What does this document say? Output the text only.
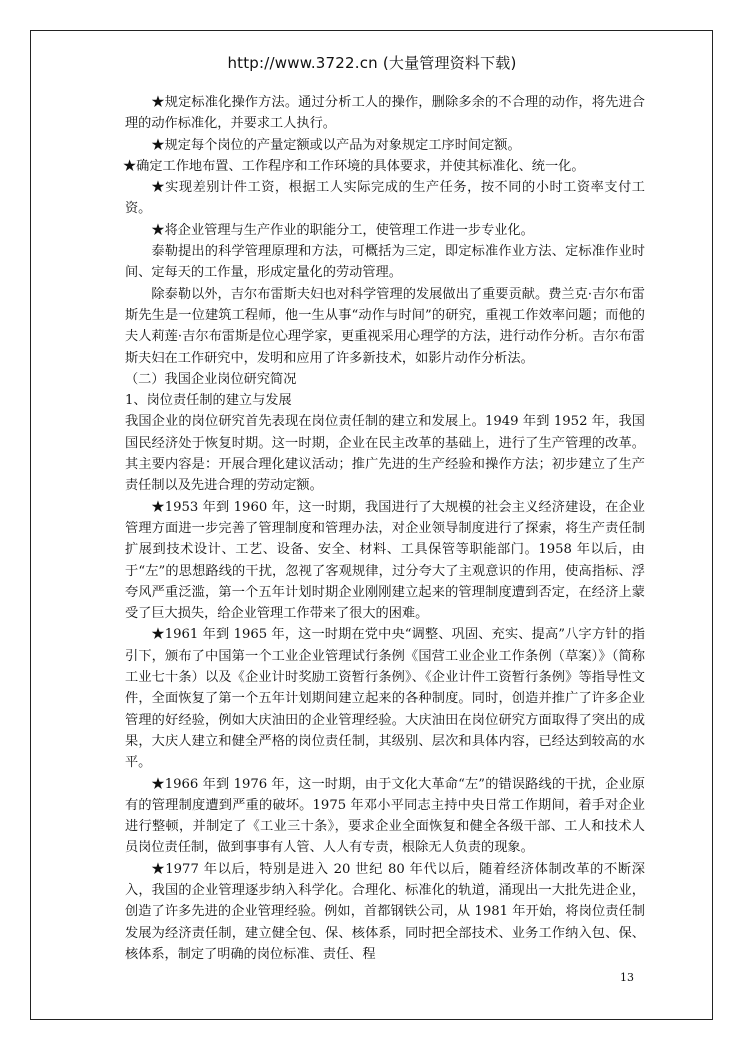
http://www.3722.cn (大量管理资料下载)

★规定标准化操作方法。通过分析工人的操作，删除多余的不合理的动作，将先进合理的动作标准化，并要求工人执行。

★规定每个岗位的产量定额或以产品为对象规定工序时间定额。

★确定工作地布置、工作程序和工作环境的具体要求，并使其标准化、统一化。

★实现差别计件工资，根据工人实际完成的生产任务，按不同的小时工资率支付工资。

★将企业管理与生产作业的职能分工，使管理工作进一步专业化。

泰勒提出的科学管理原理和方法，可概括为三定，即定标准作业方法、定标准作业时间、定每天的工作量，形成定量化的劳动管理。

除泰勒以外，吉尔布雷斯夫妇也对科学管理的发展做出了重要贡献。费兰克·吉尔布雷斯先生是一位建筑工程师，他一生从事“动作与时间”的研究，重视工作效率问题；而他的夫人莉莲·吉尔布雷斯是位心理学家，更重视采用心理学的方法，进行动作分析。吉尔布雷斯夫妇在工作研究中，发明和应用了许多新技术，如影片动作分析法。

（二）我国企业岗位研究简况

1、岗位责任制的建立与发展

我国企业的岗位研究首先表现在岗位责任制的建立和发展上。1949 年到 1952 年，我国国民经济处于恢复时期。这一时期，企业在民主改革的基础上，进行了生产管理的改革。其主要内容是：开展合理化建议活动；推广先进的生产经验和操作方法；初步建立了生产责任制以及先进合理的劳动定额。

★1953 年到 1960 年，这一时期，我国进行了大规模的社会主义经济建设，在企业管理方面进一步完善了管理制度和管理办法，对企业领导制度进行了探索，将生产责任制扩展到技术设计、工艺、设备、安全、材料、工具保管等职能部门。1958 年以后，由于“左”的思想路线的干扰，忽视了客观规律，过分夸大了主观意识的作用，使高指标、浮夸风严重泛滥，第一个五年计划时期企业刚刚建立起来的管理制度遭到否定，在经济上蒙受了巨大损失，给企业管理工作带来了很大的困难。

★1961 年到 1965 年，这一时期在党中央“调整、巩固、充实、提高”八字方针的指引下，颁布了中国第一个工业企业管理试行条例《国营工业企业工作条例（草案）》（简称工业七十条）以及《企业计时奖励工资暂行条例》、《企业计件工资暂行条例》等指导性文件，全面恢复了第一个五年计划期间建立起来的各种制度。同时，创造并推广了许多企业管理的好经验，例如大庆油田的企业管理经验。大庆油田在岗位研究方面取得了突出的成果，大庆人建立和健全严格的岗位责任制，其级别、层次和具体内容，已经达到较高的水平。

★1966 年到 1976 年，这一时期，由于文化大革命“左”的错误路线的干扰，企业原有的管理制度遭到严重的破坏。1975 年邓小平同志主持中央日常工作期间，着手对企业进行整顿，并制定了《工业三十条》，要求企业全面恢复和健全各级干部、工人和技术人员岗位责任制，做到事事有人管、人人有专责，根除无人负责的现象。

★1977 年以后，特别是进入 20 世纪 80 年代以后，随着经济体制改革的不断深入，我国的企业管理逐步纳入科学化。合理化、标准化的轨道，涌现出一大批先进企业，创造了许多先进的企业管理经验。例如，首都钢铁公司，从 1981 年开始，将岗位责任制发展为经济责任制，建立健全包、保、核体系，同时把全部技术、业务工作纳入包、保、核体系，制定了明确的岗位标准、责任、程

13
